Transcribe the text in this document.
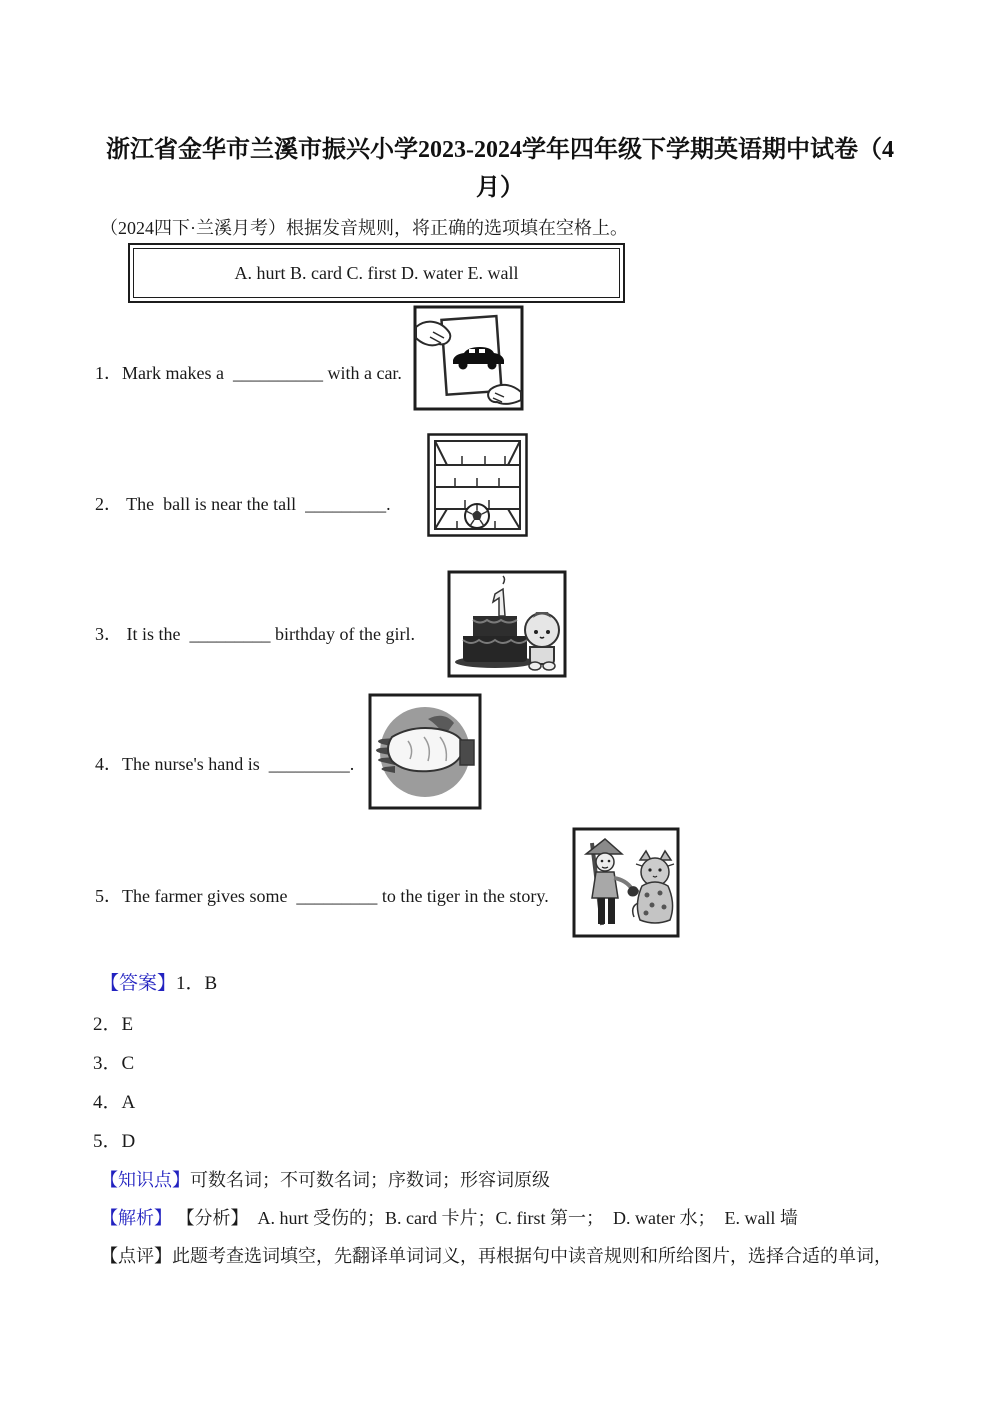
浙江省金华市兰溪市振兴小学2023-2024学年四年级下学期英语期中试卷（4
月）
（2024四下·兰溪月考）根据发音规则，将正确的选项填在空格上。
A. hurt B. card C. first D. water E. wall
1．Mark makes a  __________ with a car.
2． The  ball is near the tall  _________.
3． It is the  _________ birthday of the girl.
4．The nurse's hand is  _________.
5．The farmer gives some  _________ to the tiger in the story.

【答案】1．B

2．E

3．C

4．A

5．D

【知识点】可数名词；不可数名词；序数词；形容词原级

【解析】 【分析】  A. hurt 受伤的；B. card 卡片；C. first 第一；  D. water 水；  E. wall 墙

【点评】此题考查选词填空，先翻译单词词义，再根据句中读音规则和所给图片，选择合适的单词，
